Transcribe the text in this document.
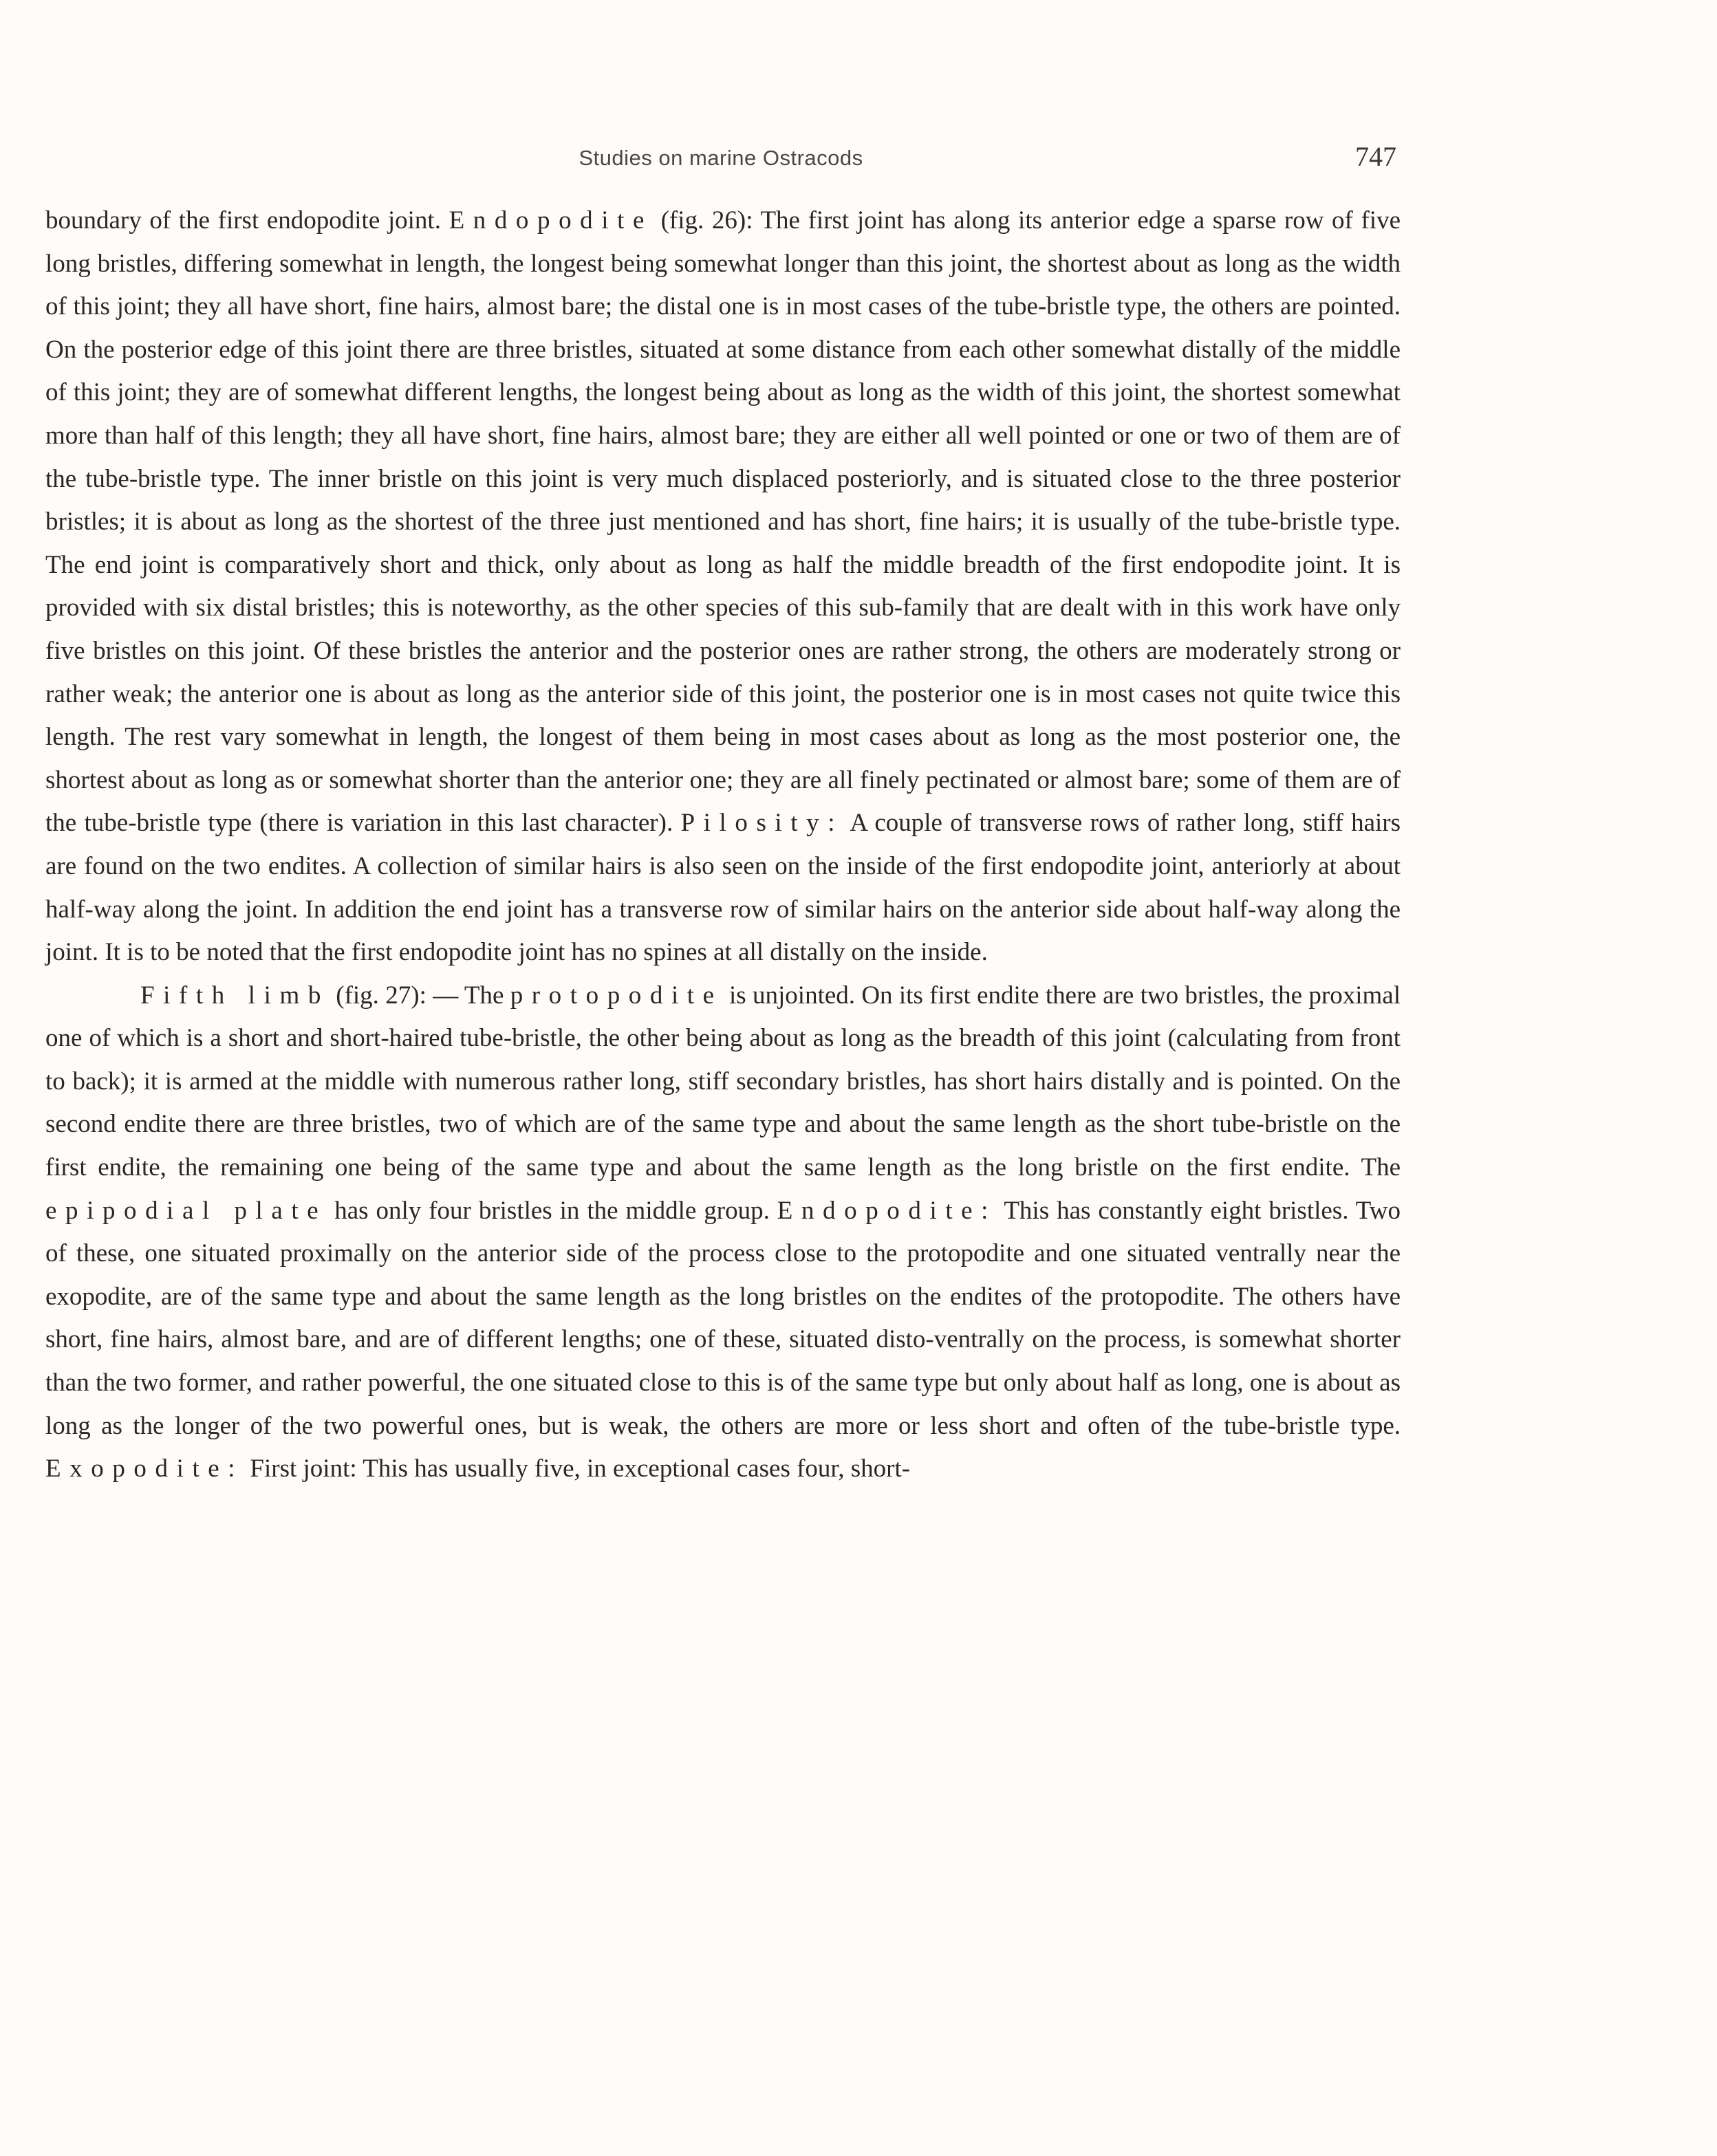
Studies on marine Ostracods	747

boundary of the first endopodite joint. Endopodite (fig. 26): The first joint has along its anterior edge a sparse row of five long bristles, differing somewhat in length, the longest being somewhat longer than this joint, the shortest about as long as the width of this joint; they all have short, fine hairs, almost bare; the distal one is in most cases of the tube-bristle type, the others are pointed. On the posterior edge of this joint there are three bristles, situated at some distance from each other somewhat distally of the middle of this joint; they are of somewhat different lengths, the longest being about as long as the width of this joint, the shortest somewhat more than half of this length; they all have short, fine hairs, almost bare; they are either all well pointed or one or two of them are of the tube-bristle type. The inner bristle on this joint is very much displaced posteriorly, and is situated close to the three posterior bristles; it is about as long as the shortest of the three just mentioned and has short, fine hairs; it is usually of the tube-bristle type. The end joint is comparatively short and thick, only about as long as half the middle breadth of the first endopodite joint. It is provided with six distal bristles; this is noteworthy, as the other species of this sub-family that are dealt with in this work have only five bristles on this joint. Of these bristles the anterior and the posterior ones are rather strong, the others are moderately strong or rather weak; the anterior one is about as long as the anterior side of this joint, the posterior one is in most cases not quite twice this length. The rest vary somewhat in length, the longest of them being in most cases about as long as the most posterior one, the shortest about as long as or somewhat shorter than the anterior one; they are all finely pectinated or almost bare; some of them are of the tube-bristle type (there is variation in this last character). Pilosity: A couple of transverse rows of rather long, stiff hairs are found on the two endites. A collection of similar hairs is also seen on the inside of the first endopodite joint, anteriorly at about half-way along the joint. In addition the end joint has a transverse row of similar hairs on the anterior side about half-way along the joint. It is to be noted that the first endopodite joint has no spines at all distally on the inside.

Fifth limb (fig. 27): — The protopodite is unjointed. On its first endite there are two bristles, the proximal one of which is a short and short-haired tube-bristle, the other being about as long as the breadth of this joint (calculating from front to back); it is armed at the middle with numerous rather long, stiff secondary bristles, has short hairs distally and is pointed. On the second endite there are three bristles, two of which are of the same type and about the same length as the short tube-bristle on the first endite, the remaining one being of the same type and about the same length as the long bristle on the first endite. The epipodial plate has only four bristles in the middle group. Endopodite: This has constantly eight bristles. Two of these, one situated proximally on the anterior side of the process close to the protopodite and one situated ventrally near the exopodite, are of the same type and about the same length as the long bristles on the endites of the protopodite. The others have short, fine hairs, almost bare, and are of different lengths; one of these, situated disto-ventrally on the process, is somewhat shorter than the two former, and rather powerful, the one situated close to this is of the same type but only about half as long, one is about as long as the longer of the two powerful ones, but is weak, the others are more or less short and often of the tube-bristle type. Exopodite: First joint: This has usually five, in exceptional cases four, short-
